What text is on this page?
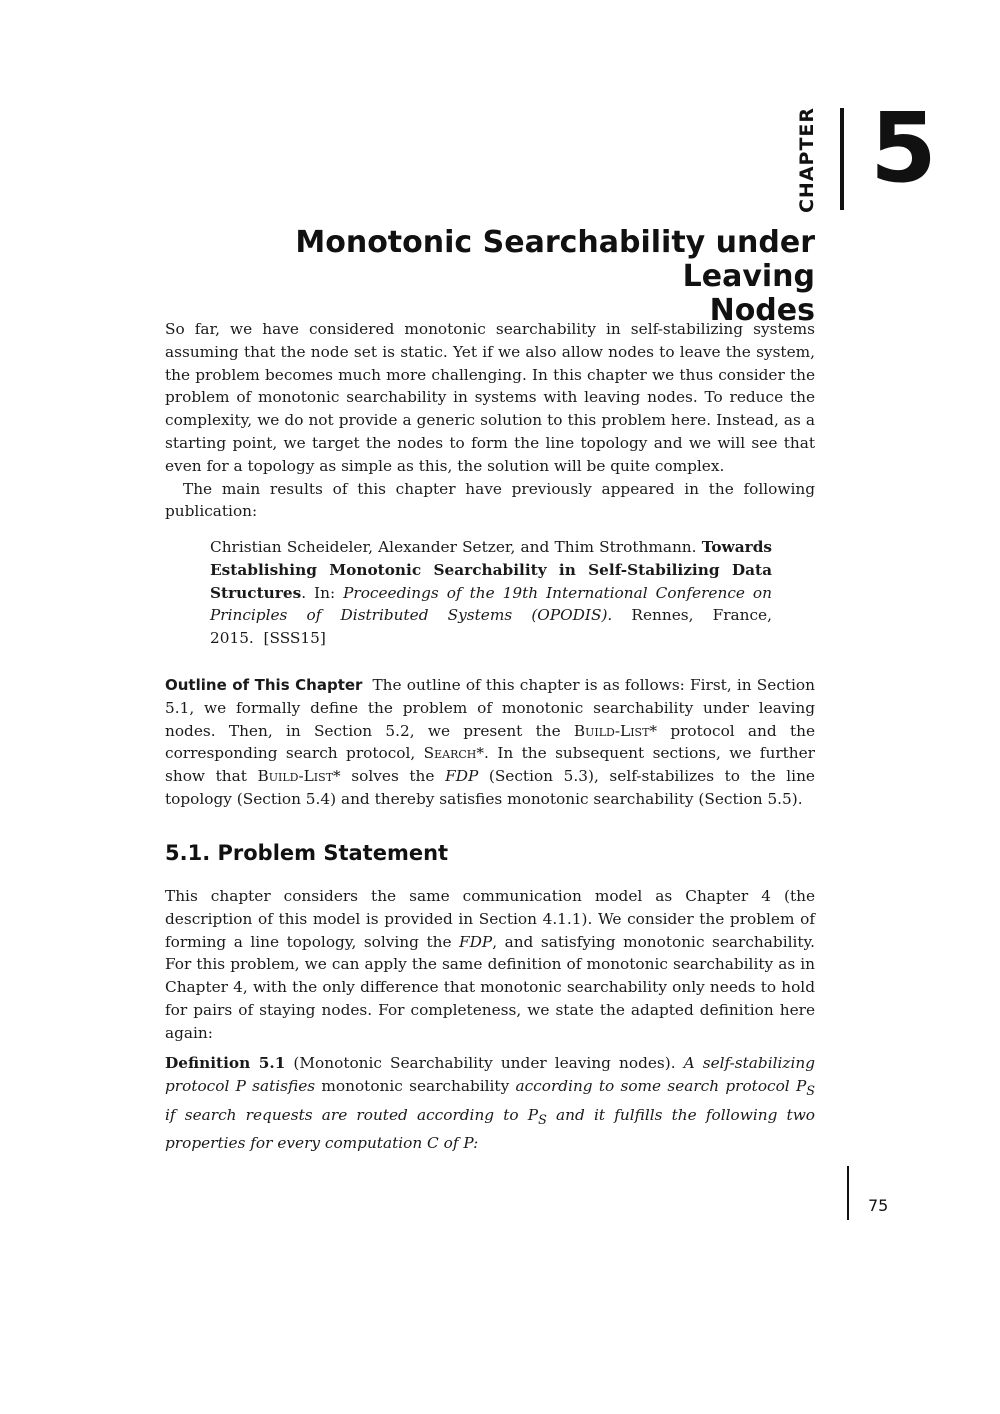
CHAPTER 5
Monotonic Searchability under Leaving
Nodes

So far, we have considered monotonic searchability in self-stabilizing systems assuming that the node set is static. Yet if we also allow nodes to leave the system, the problem becomes much more challenging. In this chapter we thus consider the problem of monotonic searchability in systems with leaving nodes. To reduce the complexity, we do not provide a generic solution to this problem here. Instead, as a starting point, we target the nodes to form the line topology and we will see that even for a topology as simple as this, the solution will be quite complex.

The main results of this chapter have previously appeared in the following publication:

Christian Scheideler, Alexander Setzer, and Thim Strothmann. Towards Establishing Monotonic Searchability in Self-Stabilizing Data Structures. In: Proceedings of the 19th International Conference on Principles of Distributed Systems (OPODIS). Rennes, France, 2015. [SSS15]

Outline of This Chapter The outline of this chapter is as follows: First, in Section 5.1, we formally define the problem of monotonic searchability under leaving nodes. Then, in Section 5.2, we present the Build-List* protocol and the corresponding search protocol, Search*. In the subsequent sections, we further show that Build-List* solves the FDP (Section 5.3), self-stabilizes to the line topology (Section 5.4) and thereby satisfies monotonic searchability (Section 5.5).

5.1. Problem Statement

This chapter considers the same communication model as Chapter 4 (the description of this model is provided in Section 4.1.1). We consider the problem of forming a line topology, solving the FDP, and satisfying monotonic searchability. For this problem, we can apply the same definition of monotonic searchability as in Chapter 4, with the only difference that monotonic searchability only needs to hold for pairs of staying nodes. For completeness, we state the adapted definition here again:

Definition 5.1 (Monotonic Searchability under leaving nodes). A self-stabilizing protocol P satisfies monotonic searchability according to some search protocol $P_S$ if search requests are routed according to $P_S$ and it fulfills the following two properties for every computation C of P:

75
